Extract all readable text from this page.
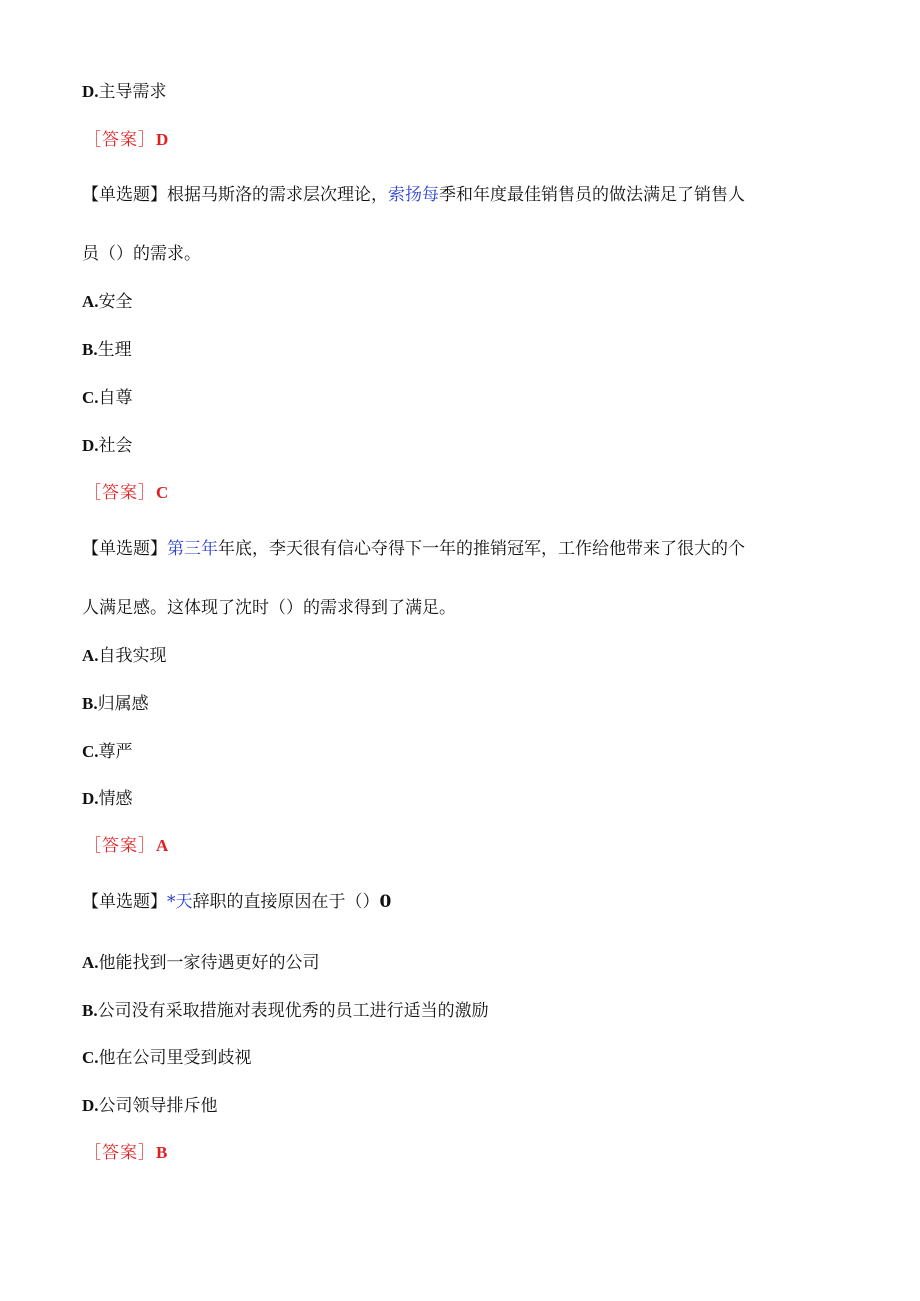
D.主导需求
［答案］D
【单选题】根据马斯洛的需求层次理论，索扬每季和年度最佳销售员的做法满足了销售人
员（）的需求。
A.安全
B.生理
C.自尊
D.社会
［答案］C
【单选题】第三年年底，李天很有信心夺得下一年的推销冠军，工作给他带来了很大的个
人满足感。这体现了沈时（）的需求得到了满足。
A.自我实现
B.归属感
C.尊严
D.情感
［答案］A
【单选题】*天辞职的直接原因在于（）0
A.他能找到一家待遇更好的公司
B.公司没有采取措施对表现优秀的员工进行适当的激励
C.他在公司里受到歧视
D.公司领导排斥他
［答案］B
